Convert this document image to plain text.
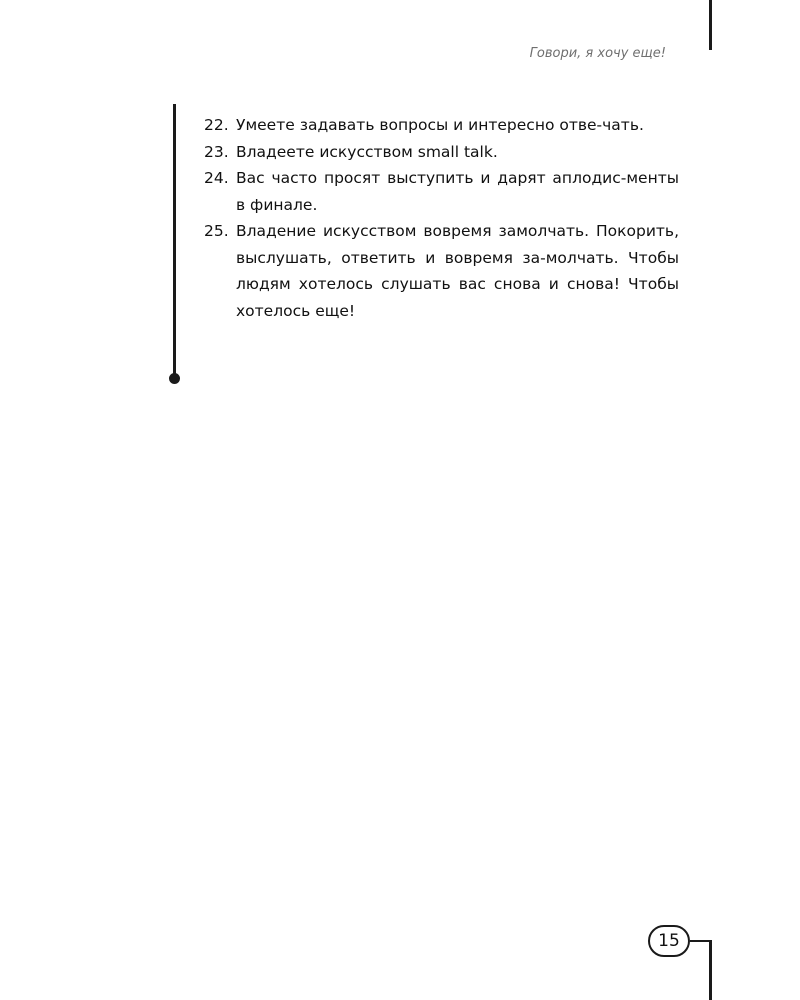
Говори, я хочу еще!
22. Умеете задавать вопросы и интересно отве-чать.
23. Владеете искусством small talk.
24. Вас часто просят выступить и дарят аплодис-менты в финале.
25. Владение искусством вовремя замолчать. Покорить, выслушать, ответить и вовремя за-молчать. Чтобы людям хотелось слушать вас снова и снова! Чтобы хотелось еще!
15
